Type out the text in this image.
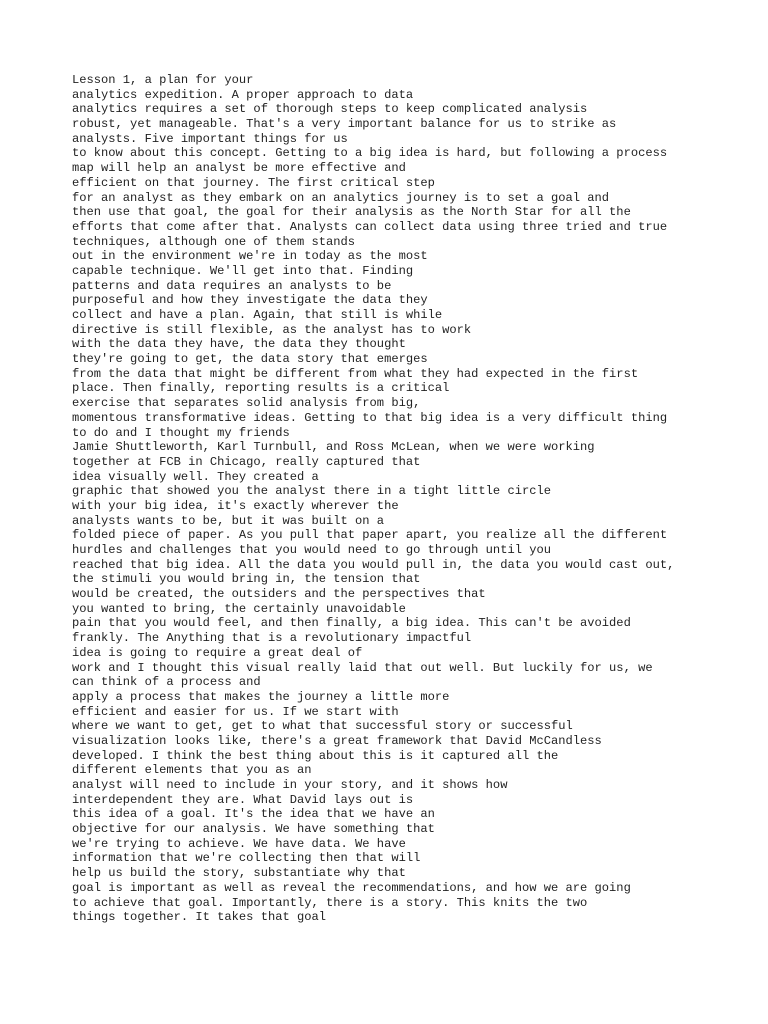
Lesson 1, a plan for your
analytics expedition. A proper approach to data
analytics requires a set of thorough steps to keep complicated analysis
robust, yet manageable. That's a very important balance for us to strike as
analysts. Five important things for us
to know about this concept. Getting to a big idea is hard, but following a process
map will help an analyst be more effective and
efficient on that journey. The first critical step
for an analyst as they embark on an analytics journey is to set a goal and
then use that goal, the goal for their analysis as the North Star for all the
efforts that come after that. Analysts can collect data using three tried and true
techniques, although one of them stands
out in the environment we're in today as the most
capable technique. We'll get into that. Finding
patterns and data requires an analysts to be
purposeful and how they investigate the data they
collect and have a plan. Again, that still is while
directive is still flexible, as the analyst has to work
with the data they have, the data they thought
they're going to get, the data story that emerges
from the data that might be different from what they had expected in the first
place. Then finally, reporting results is a critical
exercise that separates solid analysis from big,
momentous transformative ideas. Getting to that big idea is a very difficult thing
to do and I thought my friends
Jamie Shuttleworth, Karl Turnbull, and Ross McLean, when we were working
together at FCB in Chicago, really captured that
idea visually well. They created a
graphic that showed you the analyst there in a tight little circle
with your big idea, it's exactly wherever the
analysts wants to be, but it was built on a
folded piece of paper. As you pull that paper apart, you realize all the different
hurdles and challenges that you would need to go through until you
reached that big idea. All the data you would pull in, the data you would cast out,
the stimuli you would bring in, the tension that
would be created, the outsiders and the perspectives that
you wanted to bring, the certainly unavoidable
pain that you would feel, and then finally, a big idea. This can't be avoided
frankly. The Anything that is a revolutionary impactful
idea is going to require a great deal of
work and I thought this visual really laid that out well. But luckily for us, we
can think of a process and
apply a process that makes the journey a little more
efficient and easier for us. If we start with
where we want to get, get to what that successful story or successful
visualization looks like, there's a great framework that David McCandless
developed. I think the best thing about this is it captured all the
different elements that you as an
analyst will need to include in your story, and it shows how
interdependent they are. What David lays out is
this idea of a goal. It's the idea that we have an
objective for our analysis. We have something that
we're trying to achieve. We have data. We have
information that we're collecting then that will
help us build the story, substantiate why that
goal is important as well as reveal the recommendations, and how we are going
to achieve that goal. Importantly, there is a story. This knits the two
things together. It takes that goal
